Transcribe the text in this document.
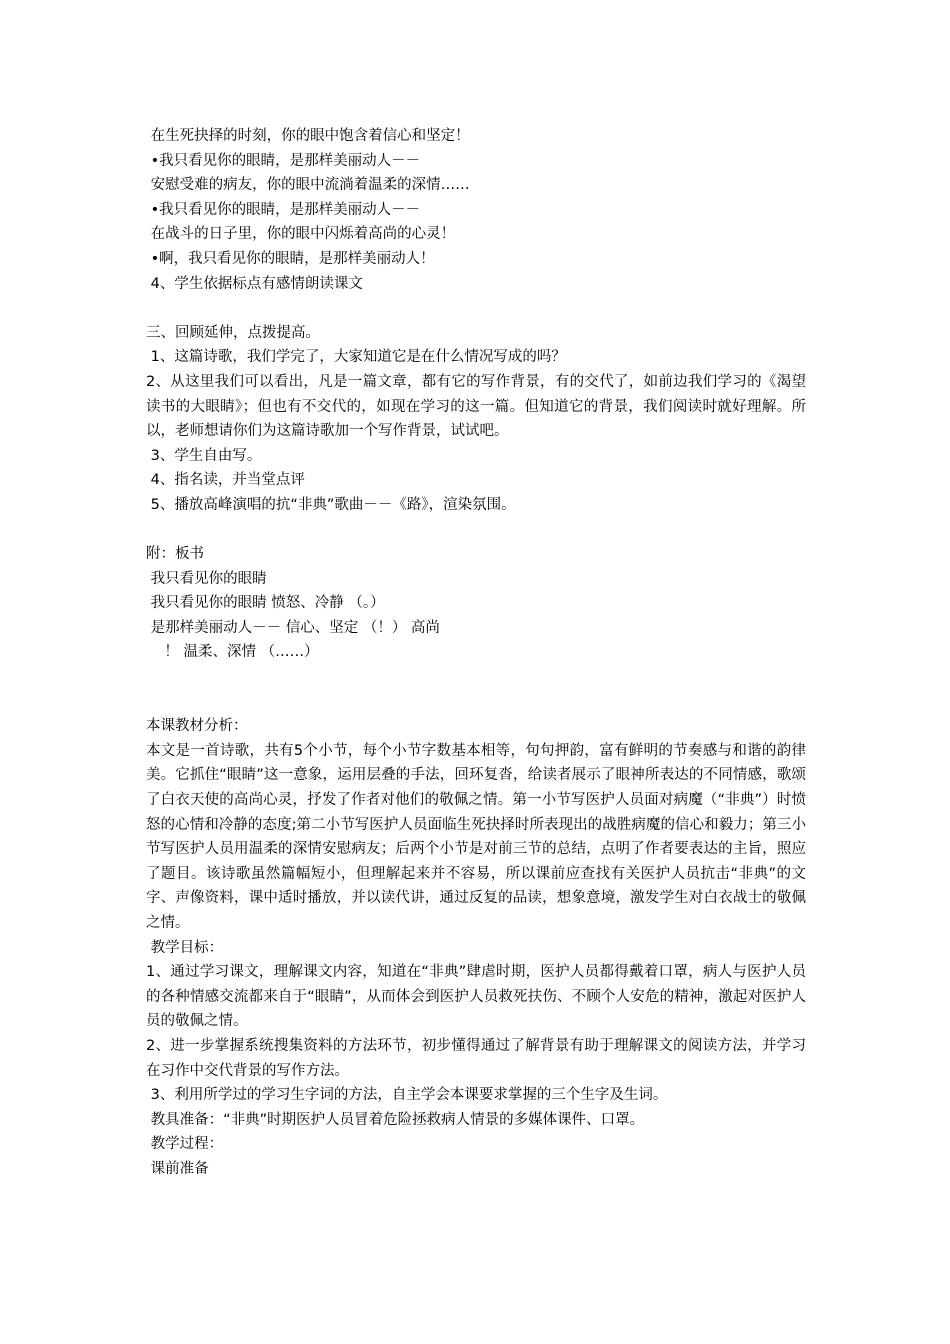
在生死抉择的时刻，你的眼中饱含着信心和坚定！
•我只看见你的眼睛，是那样美丽动人－－
安慰受难的病友，你的眼中流淌着温柔的深情……
•我只看见你的眼睛，是那样美丽动人－－
在战斗的日子里，你的眼中闪烁着高尚的心灵！
•啊，我只看见你的眼睛，是那样美丽动人！
4、学生依据标点有感情朗读课文
三、回顾延伸，点拨提高。
1、这篇诗歌，我们学完了，大家知道它是在什么情况写成的吗？
2、从这里我们可以看出，凡是一篇文章，都有它的写作背景，有的交代了，如前边我们学习的《渴望读书的大眼睛》；但也有不交代的，如现在学习的这一篇。但知道它的背景，我们阅读时就好理解。所以，老师想请你们为这篇诗歌加一个写作背景，试试吧。
3、学生自由写。
4、指名读，并当堂点评
5、播放高峰演唱的抗“非典”歌曲－－《路》，渲染氛围。
附：板书
我只看见你的眼睛
我只看见你的眼睛 愤怒、冷静 （。）
是那样美丽动人－－ 信心、坚定 （！） 高尚
！ 温柔、深情 （……）
本课教材分析：
本文是一首诗歌，共有5个小节，每个小节字数基本相等，句句押韵，富有鲜明的节奏感与和谐的韵律美。它抓住“眼睛”这一意象，运用层叠的手法，回环复沓，给读者展示了眼神所表达的不同情感，歌颂了白衣天使的高尚心灵，抒发了作者对他们的敬佩之情。第一小节写医护人员面对病魔（“非典”）时愤怒的心情和冷静的态度;第二小节写医护人员面临生死抉择时所表现出的战胜病魔的信心和毅力；第三小节写医护人员用温柔的深情安慰病友；后两个小节是对前三节的总结，点明了作者要表达的主旨，照应了题目。该诗歌虽然篇幅短小，但理解起来并不容易，所以课前应查找有关医护人员抗击“非典”的文字、声像资料，课中适时播放，并以读代讲，通过反复的品读，想象意境，激发学生对白衣战士的敬佩之情。
教学目标：
1、通过学习课文，理解课文内容，知道在“非典”肆虐时期，医护人员都得戴着口罩，病人与医护人员的各种情感交流都来自于“眼睛”，从而体会到医护人员救死扶伤、不顾个人安危的精神，激起对医护人员的敬佩之情。
2、进一步掌握系统搜集资料的方法环节，初步懂得通过了解背景有助于理解课文的阅读方法，并学习在习作中交代背景的写作方法。
3、利用所学过的学习生字词的方法，自主学会本课要求掌握的三个生字及生词。
教具准备：“非典”时期医护人员冒着危险拯救病人情景的多媒体课件、口罩。
教学过程：
课前准备
